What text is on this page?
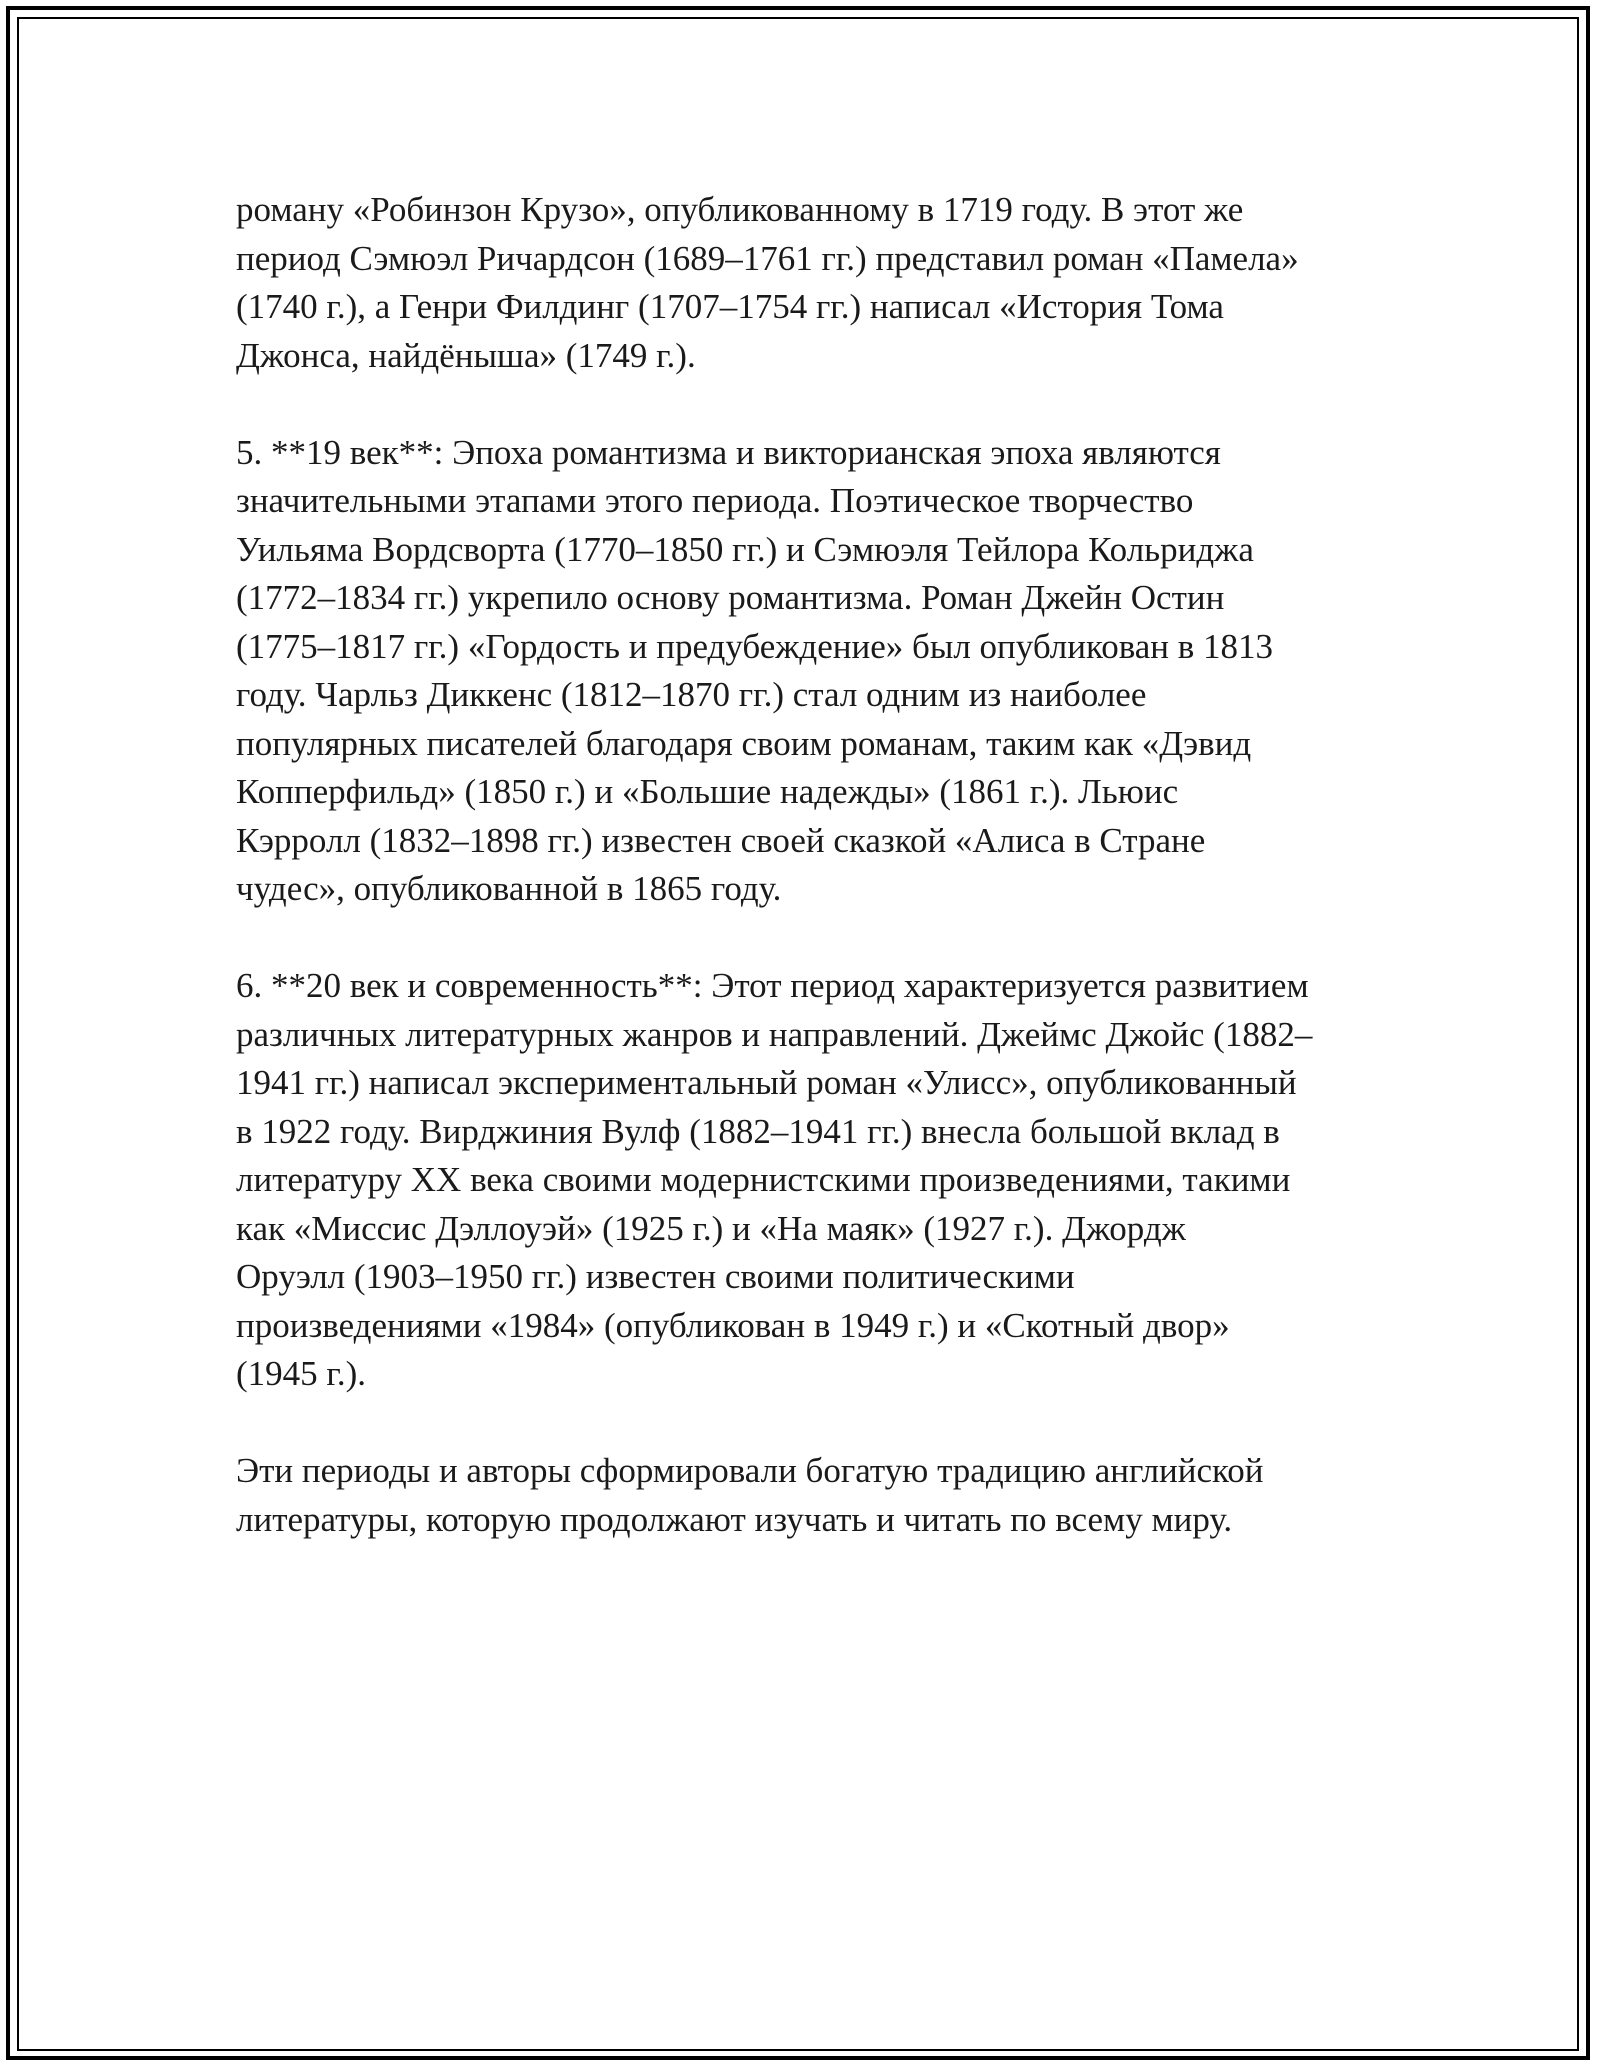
роману «Робинзон Крузо», опубликованному в 1719 году. В этот же
период Сэмюэл Ричардсон (1689–1761 гг.) представил роман «Памела»
(1740 г.), а Генри Филдинг (1707–1754 гг.) написал «История Тома
Джонса, найдёныша» (1749 г.).

5. **19 век**: Эпоха романтизма и викторианская эпоха являются
значительными этапами этого периода. Поэтическое творчество
Уильяма Вордсворта (1770–1850 гг.) и Сэмюэля Тейлора Кольриджа
(1772–1834 гг.) укрепило основу романтизма. Роман Джейн Остин
(1775–1817 гг.) «Гордость и предубеждение» был опубликован в 1813
году. Чарльз Диккенс (1812–1870 гг.) стал одним из наиболее
популярных писателей благодаря своим романам, таким как «Дэвид
Копперфильд» (1850 г.) и «Большие надежды» (1861 г.). Льюис
Кэрролл (1832–1898 гг.) известен своей сказкой «Алиса в Стране
чудес», опубликованной в 1865 году.

6. **20 век и современность**: Этот период характеризуется развитием
различных литературных жанров и направлений. Джеймс Джойс (1882–
1941 гг.) написал экспериментальный роман «Улисс», опубликованный
в 1922 году. Вирджиния Вулф (1882–1941 гг.) внесла большой вклад в
литературу XX века своими модернистскими произведениями, такими
как «Миссис Дэллоуэй» (1925 г.) и «На маяк» (1927 г.). Джордж
Оруэлл (1903–1950 гг.) известен своими политическими
произведениями «1984» (опубликован в 1949 г.) и «Скотный двор»
(1945 г.).

Эти периоды и авторы сформировали богатую традицию английской
литературы, которую продолжают изучать и читать по всему миру.
